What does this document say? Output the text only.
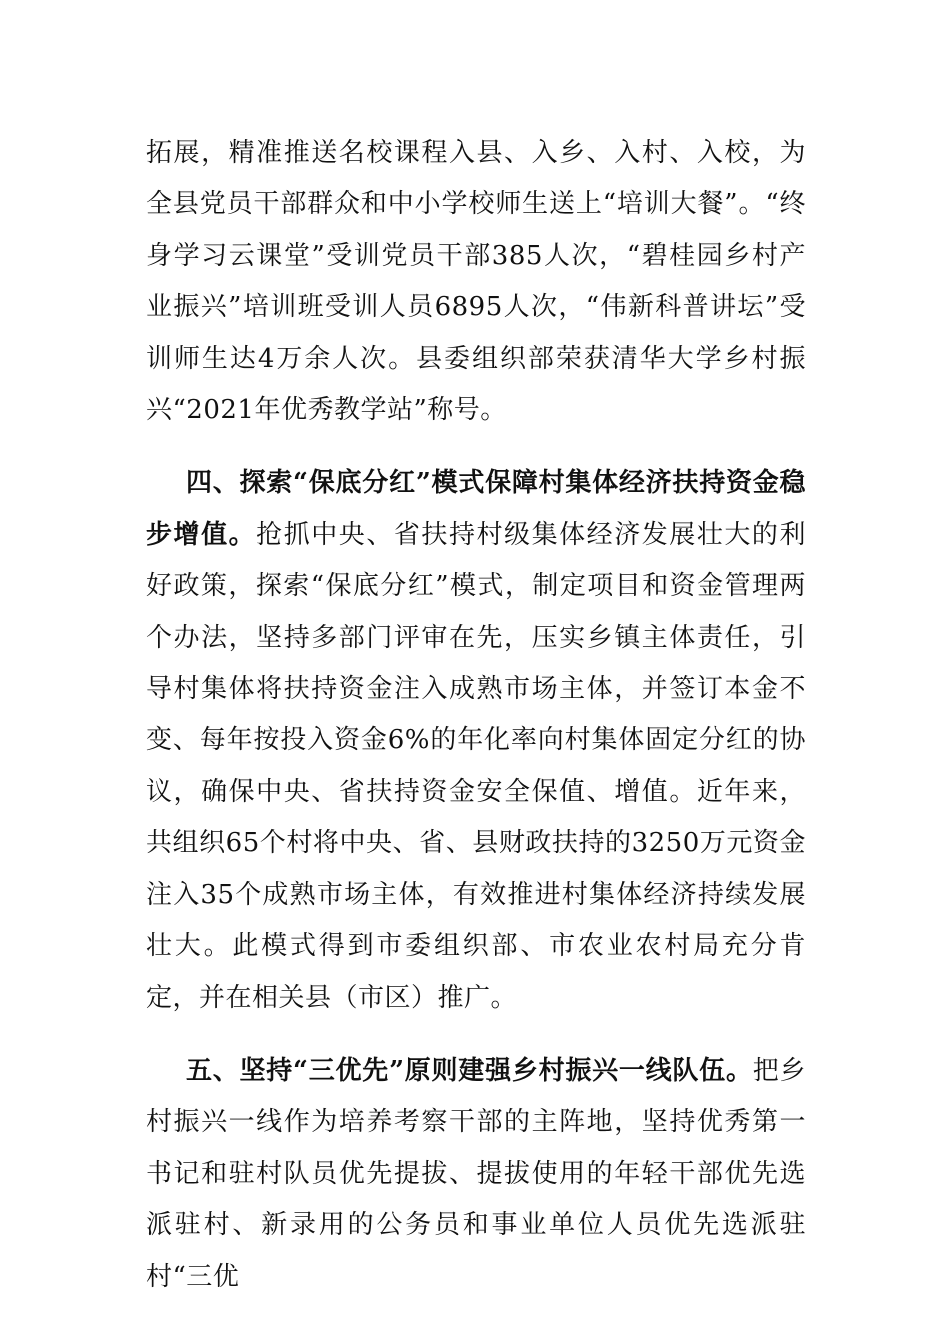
拓展，精准推送名校课程入县、入乡、入村、入校，为全县党员干部群众和中小学校师生送上“培训大餐”。“终身学习云课堂”受训党员干部385人次，“碧桂园乡村产业振兴”培训班受训人员6895人次，“伟新科普讲坛”受训师生达4万余人次。县委组织部荣获清华大学乡村振兴“2021年优秀教学站”称号。

四、探索“保底分红”模式保障村集体经济扶持资金稳步增值。抢抓中央、省扶持村级集体经济发展壮大的利好政策，探索“保底分红”模式，制定项目和资金管理两个办法，坚持多部门评审在先，压实乡镇主体责任，引导村集体将扶持资金注入成熟市场主体，并签订本金不变、每年按投入资金6%的年化率向村集体固定分红的协议，确保中央、省扶持资金安全保值、增值。近年来，共组织65个村将中央、省、县财政扶持的3250万元资金注入35个成熟市场主体，有效推进村集体经济持续发展壮大。此模式得到市委组织部、市农业农村局充分肯定，并在相关县（市区）推广。

五、坚持“三优先”原则建强乡村振兴一线队伍。把乡村振兴一线作为培养考察干部的主阵地，坚持优秀第一书记和驻村队员优先提拔、提拔使用的年轻干部优先选派驻村、新录用的公务员和事业单位人员优先选派驻村“三优
